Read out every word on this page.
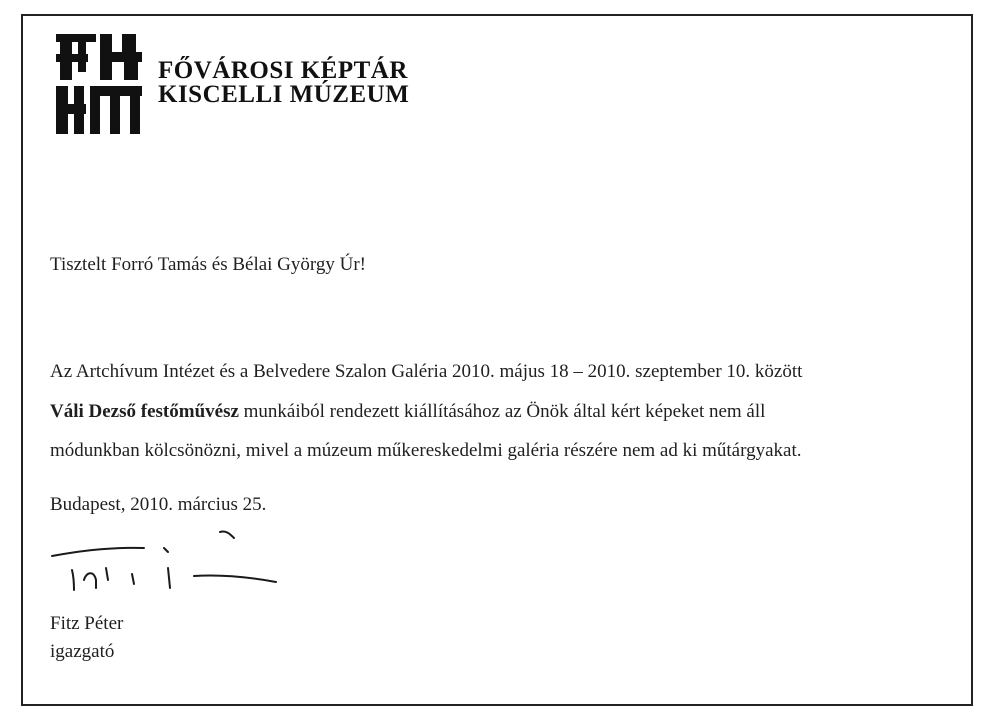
FŐVÁROSI KÉPTÁR
KISCELLI MÚZEUM
Tisztelt Forró Tamás és Bélai György Úr!
Az Artchívum Intézet és a Belvedere Szalon Galéria 2010. május 18 – 2010. szeptember 10. között
Váli Dezső festőművész munkáiból rendezett kiállításához az Önök által kért képeket nem áll
módunkban kölcsönözni, mivel a múzeum műkereskedelmi galéria részére nem ad ki műtárgyakat.
Budapest, 2010. március 25.
Fitz Péter
igazgató
